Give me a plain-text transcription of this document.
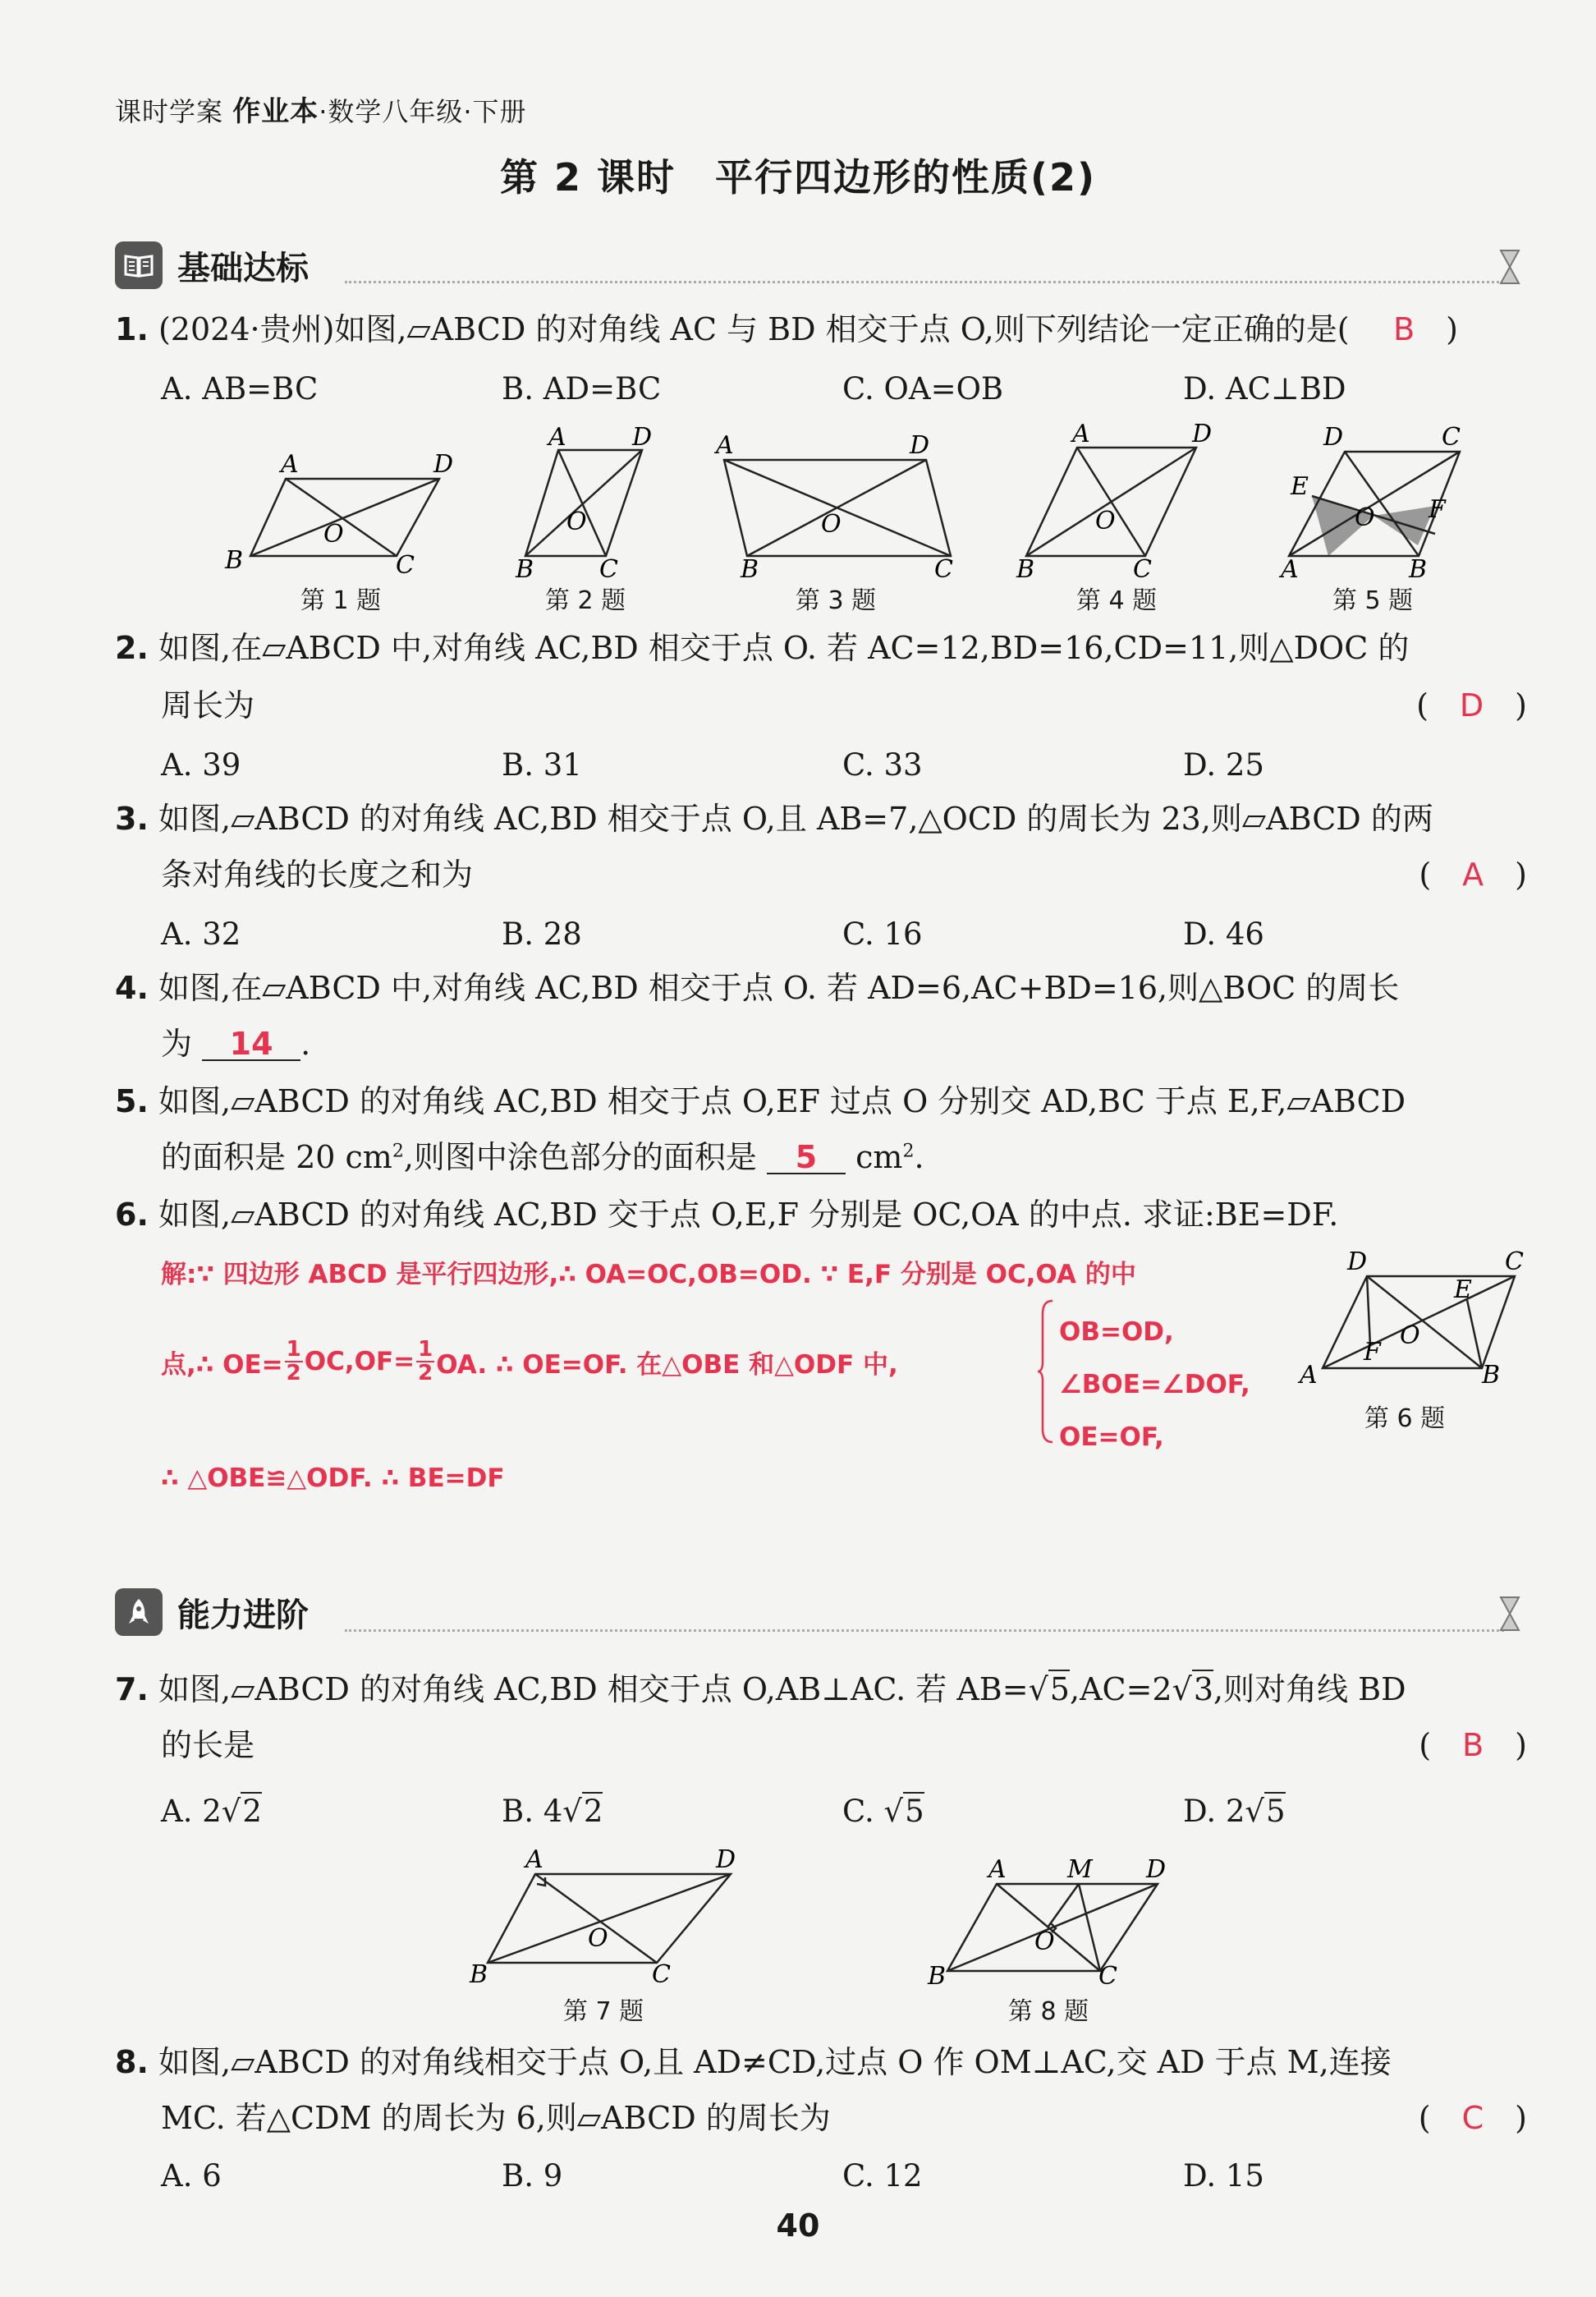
课时学案 作业本·数学八年级·下册
第 2 课时　平行四边形的性质(2)
基础达标
1. (2024·贵州)如图,▱ABCD 的对角线 AC 与 BD 相交于点 O,则下列结论一定正确的是( B　)
A. AB=BC	B. AD=BC	C. OA=OB	D. AC⊥BD
A	D
B	C
O
第 1 题
A	D
B	C
O
第 2 题
A	D
B	C
O
第 3 题
A	D
B	C
O
第 4 题
D	C
E
F
O
A	B
第 5 题
2. 如图,在▱ABCD 中,对角线 AC,BD 相交于点 O. 若 AC=12,BD=16,CD=11,则△DOC 的
周长为	(　D　)
A. 39	B. 31	C. 33	D. 25
3. 如图,▱ABCD 的对角线 AC,BD 相交于点 O,且 AB=7,△OCD 的周长为 23,则▱ABCD 的两
条对角线的长度之和为	(　A　)
A. 32	B. 28	C. 16	D. 46
4. 如图,在▱ABCD 中,对角线 AC,BD 相交于点 O. 若 AD=6,AC+BD=16,则△BOC 的周长
为 14 .
5. 如图,▱ABCD 的对角线 AC,BD 相交于点 O,EF 过点 O 分别交 AD,BC 于点 E,F,▱ABCD
的面积是 20 $cm^2$,则图中涂色部分的面积是 5 $cm^2$.
6. 如图,▱ABCD 的对角线 AC,BD 交于点 O,E,F 分别是 OC,OA 的中点. 求证:BE=DF.
解:∵ 四边形 ABCD 是平行四边形,∴ OA=OC,OB=OD. ∵ E,F 分别是 OC,OA 的中
点,∴ $OE= \frac{1}{2} OC,OF= \frac{1}{2}$ OA. ∴ OE=OF. 在△OBE 和△ODF 中,
OB=OD,
∠BOE=∠DOF,
OE=OF,
∴ △OBE≌△ODF. ∴ BE=DF
D	C
E
F
O
A	B
第 6 题
能力进阶
7. 如图,▱ABCD 的对角线 AC,BD 相交于点 O,AB⊥AC. 若 AB=√5,AC=2√3,则对角线 BD
的长是	(　B　)
A. 2√2	B. 4√2	C. √5	D. 2√5
A	D
B	C
O
第 7 题
A M D
B	C
O
第 8 题
8. 如图,▱ABCD 的对角线相交于点 O,且 AD≠CD,过点 O 作 OM⊥AC,交 AD 于点 M,连接
MC. 若△CDM 的周长为 6,则▱ABCD 的周长为	(　C　)
A. 6	B. 9	C. 12	D. 15
40
